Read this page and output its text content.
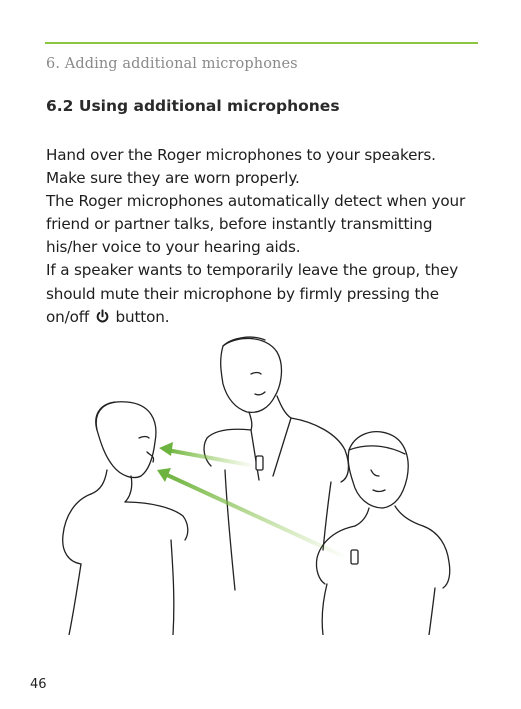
6. Adding additional microphones
6.2 Using additional microphones

Hand over the Roger microphones to your speakers.

Make sure they are worn properly.

The Roger microphones automatically detect when your friend or partner talks, before instantly transmitting his/her voice to your hearing aids.

If a speaker wants to temporarily leave the group, they should mute their microphone by firmly pressing the on/off button.

46
